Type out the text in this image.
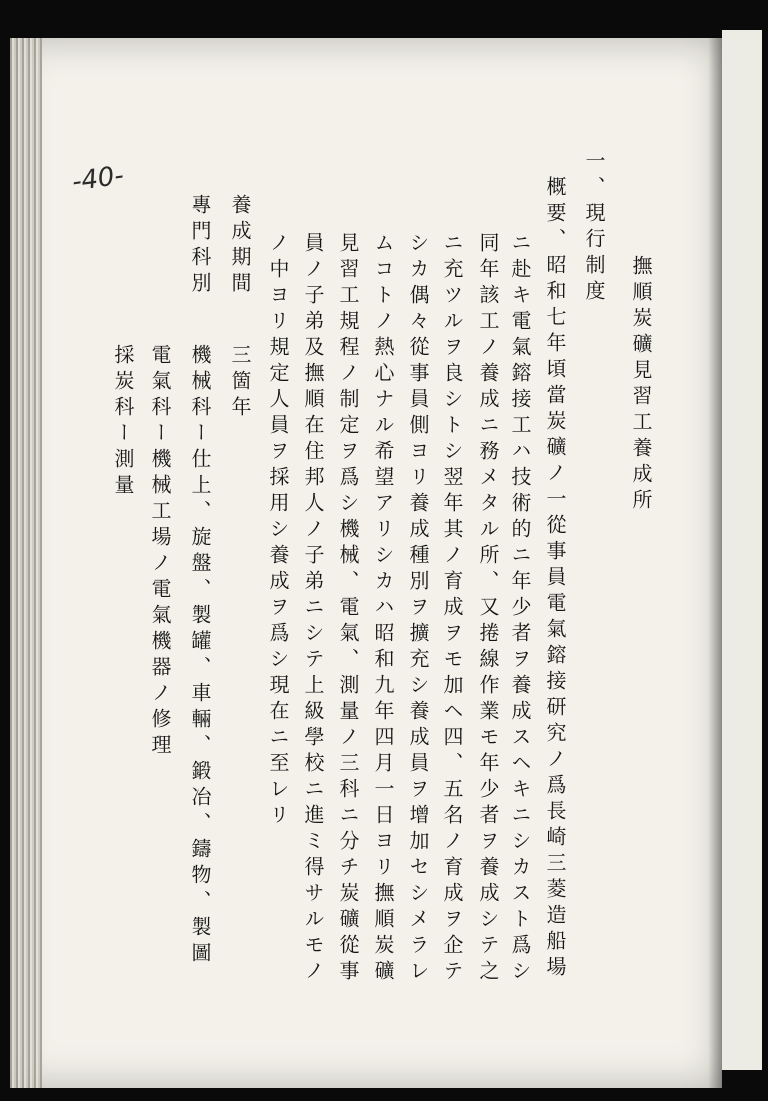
-40-	一、現行制度
撫順炭礦見習工養成所
概要、昭和七年頃當炭礦ノ一從事員電氣鎔接研究ノ爲長崎三菱造船場
ニ赴キ電氣鎔接工ハ技術的ニ年少者ヲ養成スヘキニシカスト爲シ
同年該工ノ養成ニ務メタル所、又捲線作業モ年少者ヲ養成シテ之
ニ充ツルヲ良シトシ翌年其ノ育成ヲモ加ヘ四、五名ノ育成ヲ企テ
シカ偶々從事員側ヨリ養成種別ヲ擴充シ養成員ヲ增加セシメラレ
ムコトノ熱心ナル希望アリシカハ昭和九年四月一日ヨリ撫順炭礦
見習工規程ノ制定ヲ爲シ機械、電氣、測量ノ三科ニ分チ炭礦從事
員ノ子弟及撫順在住邦人ノ子弟ニシテ上級學校ニ進ミ得サルモノ
ノ中ヨリ規定人員ヲ採用シ養成ヲ爲シ現在ニ至レリ
養成期間
三箇年
專門科別
機械科ー仕上、旋盤、製罐、車輛、鍛冶、鑄物、製圖
電氣科ー機械工場ノ電氣機器ノ修理
採炭科ー測量
